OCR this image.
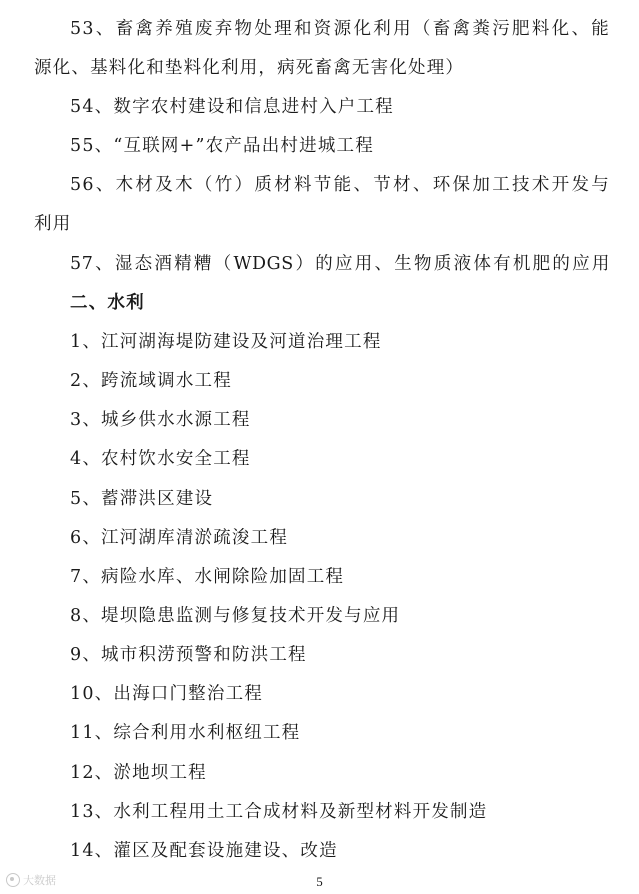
53、畜禽养殖废弃物处理和资源化利用（畜禽粪污肥料化、能
源化、基料化和垫料化利用，病死畜禽无害化处理）
54、数字农村建设和信息进村入户工程
55、“互联网+”农产品出村进城工程
56、木材及木（竹）质材料节能、节材、环保加工技术开发与
利用
57、湿态酒精糟（WDGS）的应用、生物质液体有机肥的应用
二、水利
1、江河湖海堤防建设及河道治理工程
2、跨流域调水工程
3、城乡供水水源工程
4、农村饮水安全工程
5、蓄滞洪区建设
6、江河湖库清淤疏浚工程
7、病险水库、水闸除险加固工程
8、堤坝隐患监测与修复技术开发与应用
9、城市积涝预警和防洪工程
10、出海口门整治工程
11、综合利用水利枢纽工程
12、淤地坝工程
13、水利工程用土工合成材料及新型材料开发制造
14、灌区及配套设施建设、改造
大数据	5
